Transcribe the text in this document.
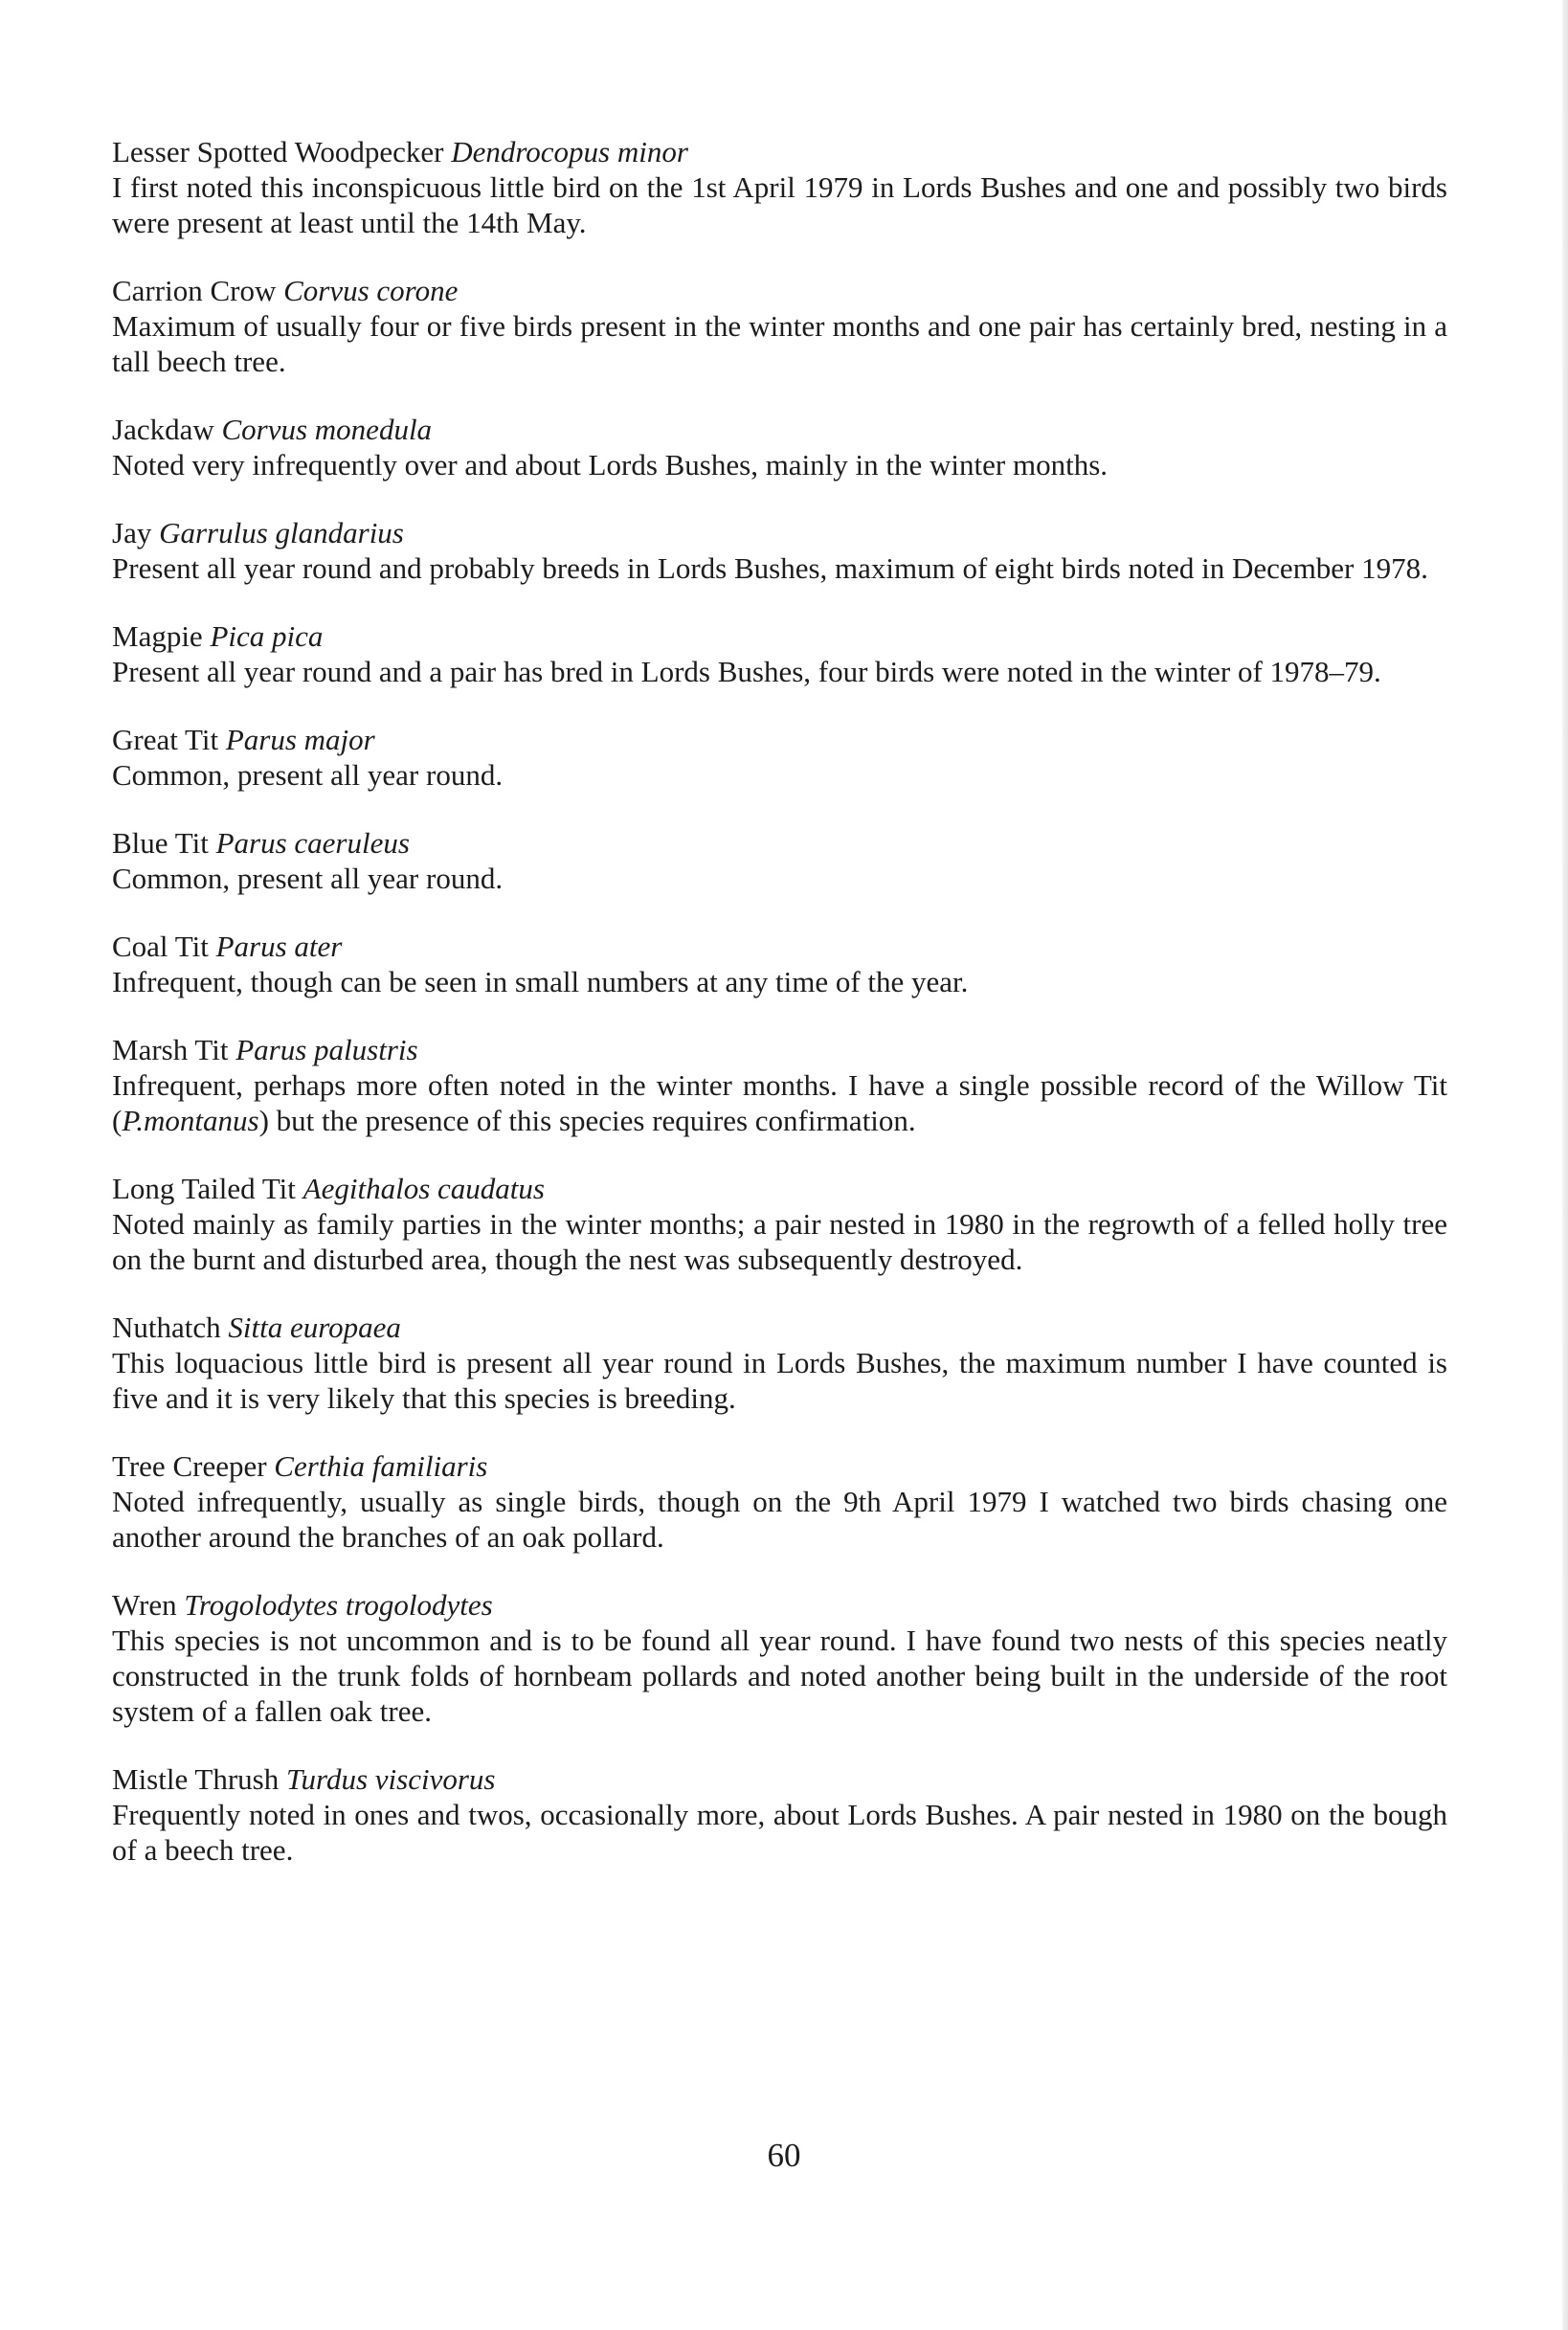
Lesser Spotted Woodpecker Dendrocopus minor

I first noted this inconspicuous little bird on the 1st April 1979 in Lords Bushes and one and possibly two birds were present at least until the 14th May.

Carrion Crow Corvus corone

Maximum of usually four or five birds present in the winter months and one pair has certainly bred, nesting in a tall beech tree.

Jackdaw Corvus monedula

Noted very infrequently over and about Lords Bushes, mainly in the winter months.

Jay Garrulus glandarius

Present all year round and probably breeds in Lords Bushes, maximum of eight birds noted in December 1978.

Magpie Pica pica

Present all year round and a pair has bred in Lords Bushes, four birds were noted in the winter of 1978–79.

Great Tit Parus major

Common, present all year round.

Blue Tit Parus caeruleus

Common, present all year round.

Coal Tit Parus ater

Infrequent, though can be seen in small numbers at any time of the year.

Marsh Tit Parus palustris

Infrequent, perhaps more often noted in the winter months. I have a single possible record of the Willow Tit (P.montanus) but the presence of this species requires confirmation.

Long Tailed Tit Aegithalos caudatus

Noted mainly as family parties in the winter months; a pair nested in 1980 in the regrowth of a felled holly tree on the burnt and disturbed area, though the nest was subsequently destroyed.

Nuthatch Sitta europaea

This loquacious little bird is present all year round in Lords Bushes, the maximum number I have counted is five and it is very likely that this species is breeding.

Tree Creeper Certhia familiaris

Noted infrequently, usually as single birds, though on the 9th April 1979 I watched two birds chasing one another around the branches of an oak pollard.

Wren Trogolodytes trogolodytes

This species is not uncommon and is to be found all year round. I have found two nests of this species neatly constructed in the trunk folds of hornbeam pollards and noted another being built in the underside of the root system of a fallen oak tree.

Mistle Thrush Turdus viscivorus

Frequently noted in ones and twos, occasionally more, about Lords Bushes. A pair nested in 1980 on the bough of a beech tree.

60
